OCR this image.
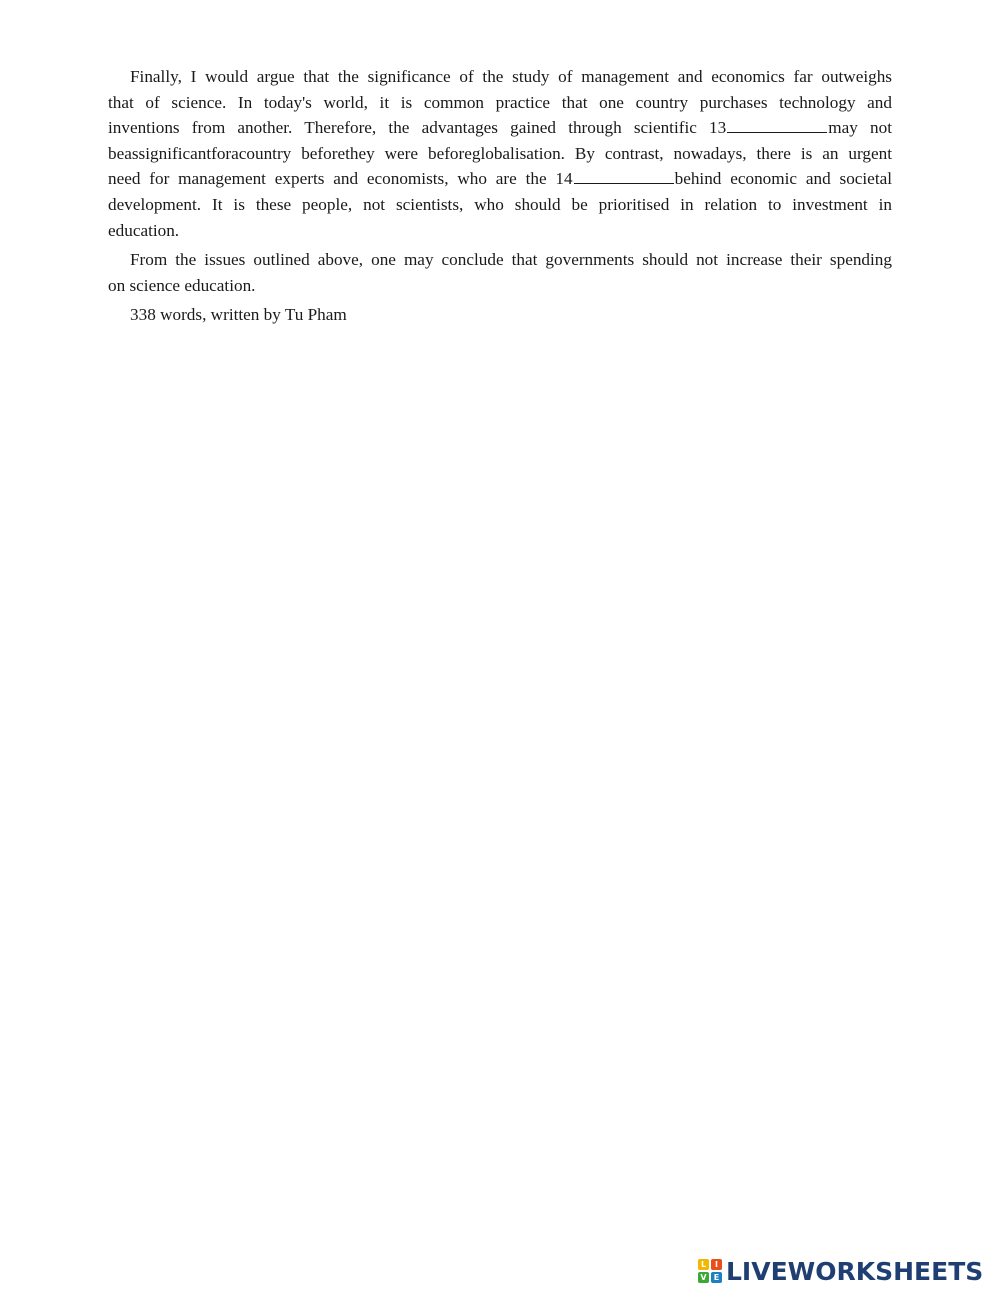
Finally, I would argue that the significance of the study of management and economics far outweighs
that of science. In today's world, it is common practice that one country purchases technology and
inventions from another. Therefore, the advantages gained through scientific 13	may not
beassignificantforacountry beforethey were beforeglobalisation. By contrast, nowadays, there is an urgent
need for management experts and economists, who are the 14	behind economic and societal
development. It is these people, not scientists, who should be prioritised in relation to investment in
education.

From the issues outlined above, one may conclude that governments should not increase their spending
on science education.

338 words, written by Tu Pham

L	I
V E LIVEWORKSHEETS
